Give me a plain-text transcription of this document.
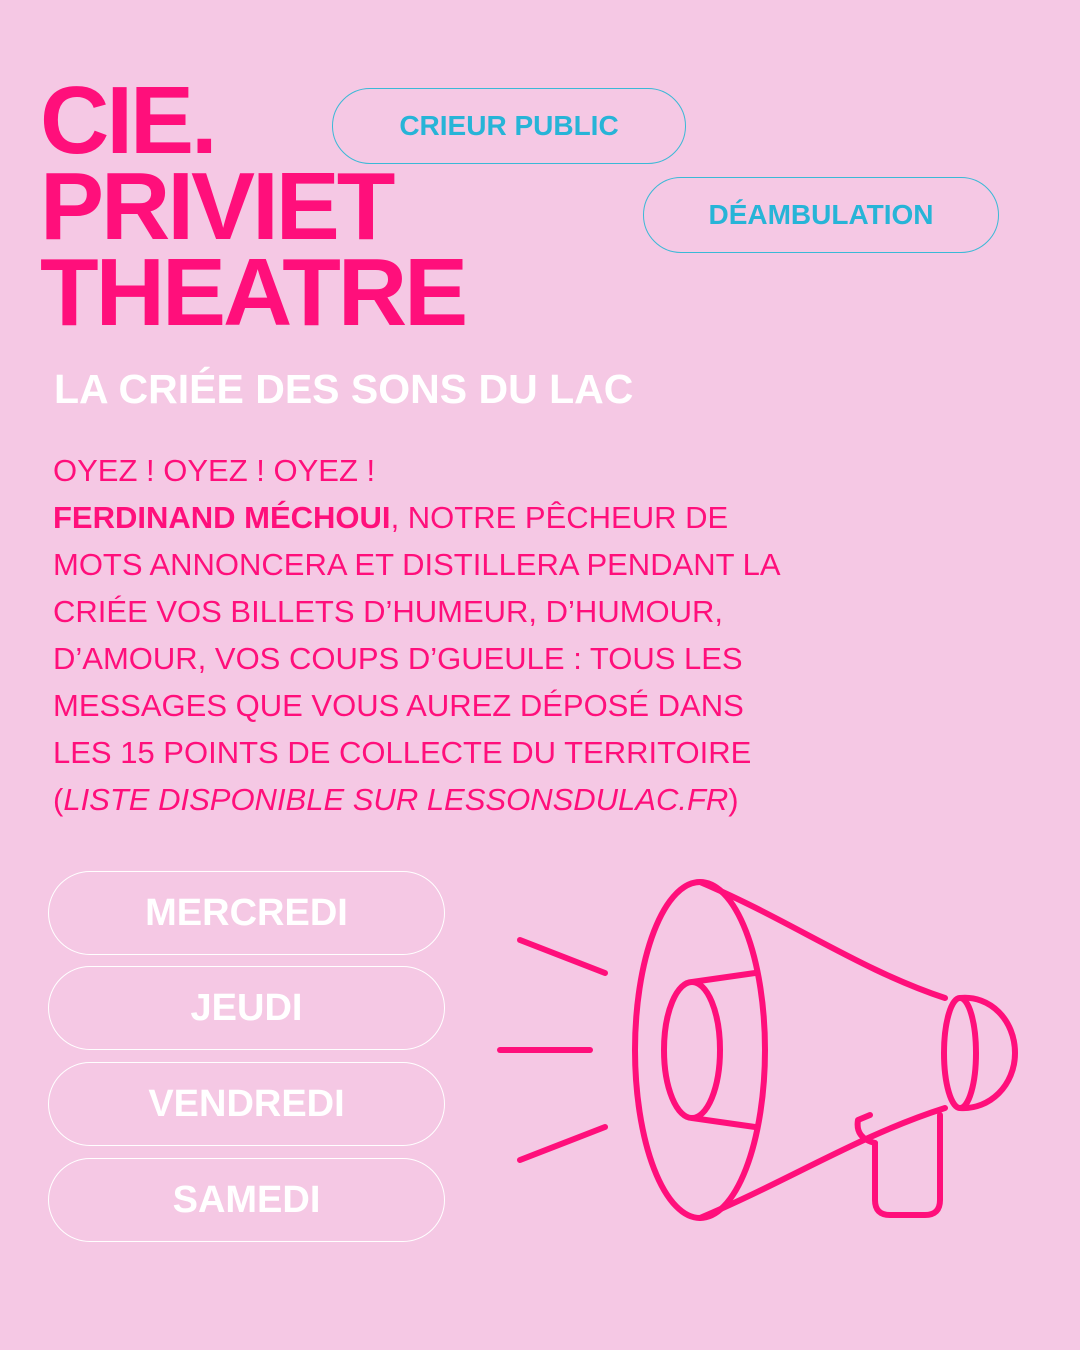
CIE.
PRIVIET
THEATRE
CRIEUR PUBLIC
DÉAMBULATION
LA CRIÉE DES SONS DU LAC
OYEZ ! OYEZ ! OYEZ !
FERDINAND MÉCHOUI, NOTRE PÊCHEUR DE
MOTS ANNONCERA ET DISTILLERA PENDANT LA
CRIÉE VOS BILLETS D’HUMEUR, D’HUMOUR,
D’AMOUR, VOS COUPS D’GUEULE : TOUS LES
MESSAGES QUE VOUS AUREZ DÉPOSÉ DANS
LES 15 POINTS DE COLLECTE DU TERRITOIRE
(LISTE DISPONIBLE SUR LESSONSDULAC.FR)
MERCREDI
JEUDI
VENDREDI
SAMEDI
